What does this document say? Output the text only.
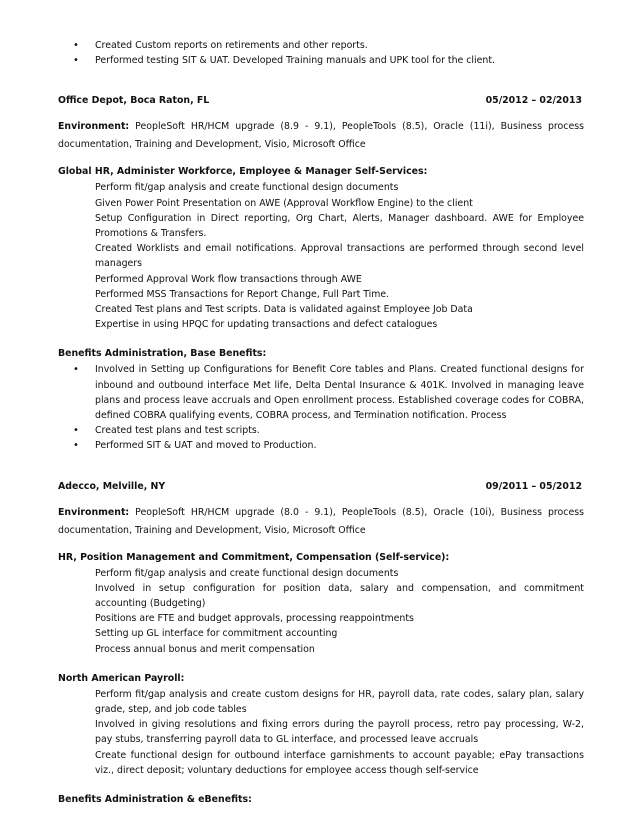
• Created Custom reports on retirements and other reports.
• Performed testing SIT & UAT. Developed Training manuals and UPK tool for the client.
Office Depot, Boca Raton, FL	05/2012 – 02/2013
Environment: PeopleSoft HR/HCM upgrade (8.9 - 9.1), PeopleTools (8.5), Oracle (11i), Business process documentation, Training and Development, Visio, Microsoft Office
Global HR, Administer Workforce, Employee & Manager Self-Services:
Perform fit/gap analysis and create functional design documents
Given Power Point Presentation on AWE (Approval Workflow Engine) to the client
Setup Configuration in Direct reporting, Org Chart, Alerts, Manager dashboard. AWE for Employee Promotions & Transfers.
Created Worklists and email notifications. Approval transactions are performed through second level managers
Performed Approval Work flow transactions through AWE
Performed MSS Transactions for Report Change, Full Part Time.
Created Test plans and Test scripts. Data is validated against Employee Job Data
Expertise in using HPQC for updating transactions and defect catalogues
Benefits Administration, Base Benefits:
• Involved in Setting up Configurations for Benefit Core tables and Plans. Created functional designs for inbound and outbound interface Met life, Delta Dental Insurance & 401K. Involved in managing leave plans and process leave accruals and Open enrollment process. Established coverage codes for COBRA, defined COBRA qualifying events, COBRA process, and Termination notification. Process
• Created test plans and test scripts.
• Performed SIT & UAT and moved to Production.
Adecco, Melville, NY	09/2011 – 05/2012
Environment: PeopleSoft HR/HCM upgrade (8.0 - 9.1), PeopleTools (8.5), Oracle (10i), Business process documentation, Training and Development, Visio, Microsoft Office
HR, Position Management and Commitment, Compensation (Self-service):
Perform fit/gap analysis and create functional design documents
Involved in setup configuration for position data, salary and compensation, and commitment accounting (Budgeting)
Positions are FTE and budget approvals, processing reappointments
Setting up GL interface for commitment accounting
Process annual bonus and merit compensation
North American Payroll:
Perform fit/gap analysis and create custom designs for HR, payroll data, rate codes, salary plan, salary grade, step, and job code tables
Involved in giving resolutions and fixing errors during the payroll process, retro pay processing, W-2, pay stubs, transferring payroll data to GL interface, and processed leave accruals
Create functional design for outbound interface garnishments to account payable; ePay transactions viz., direct deposit; voluntary deductions for employee access though self-service
Benefits Administration & eBenefits:
